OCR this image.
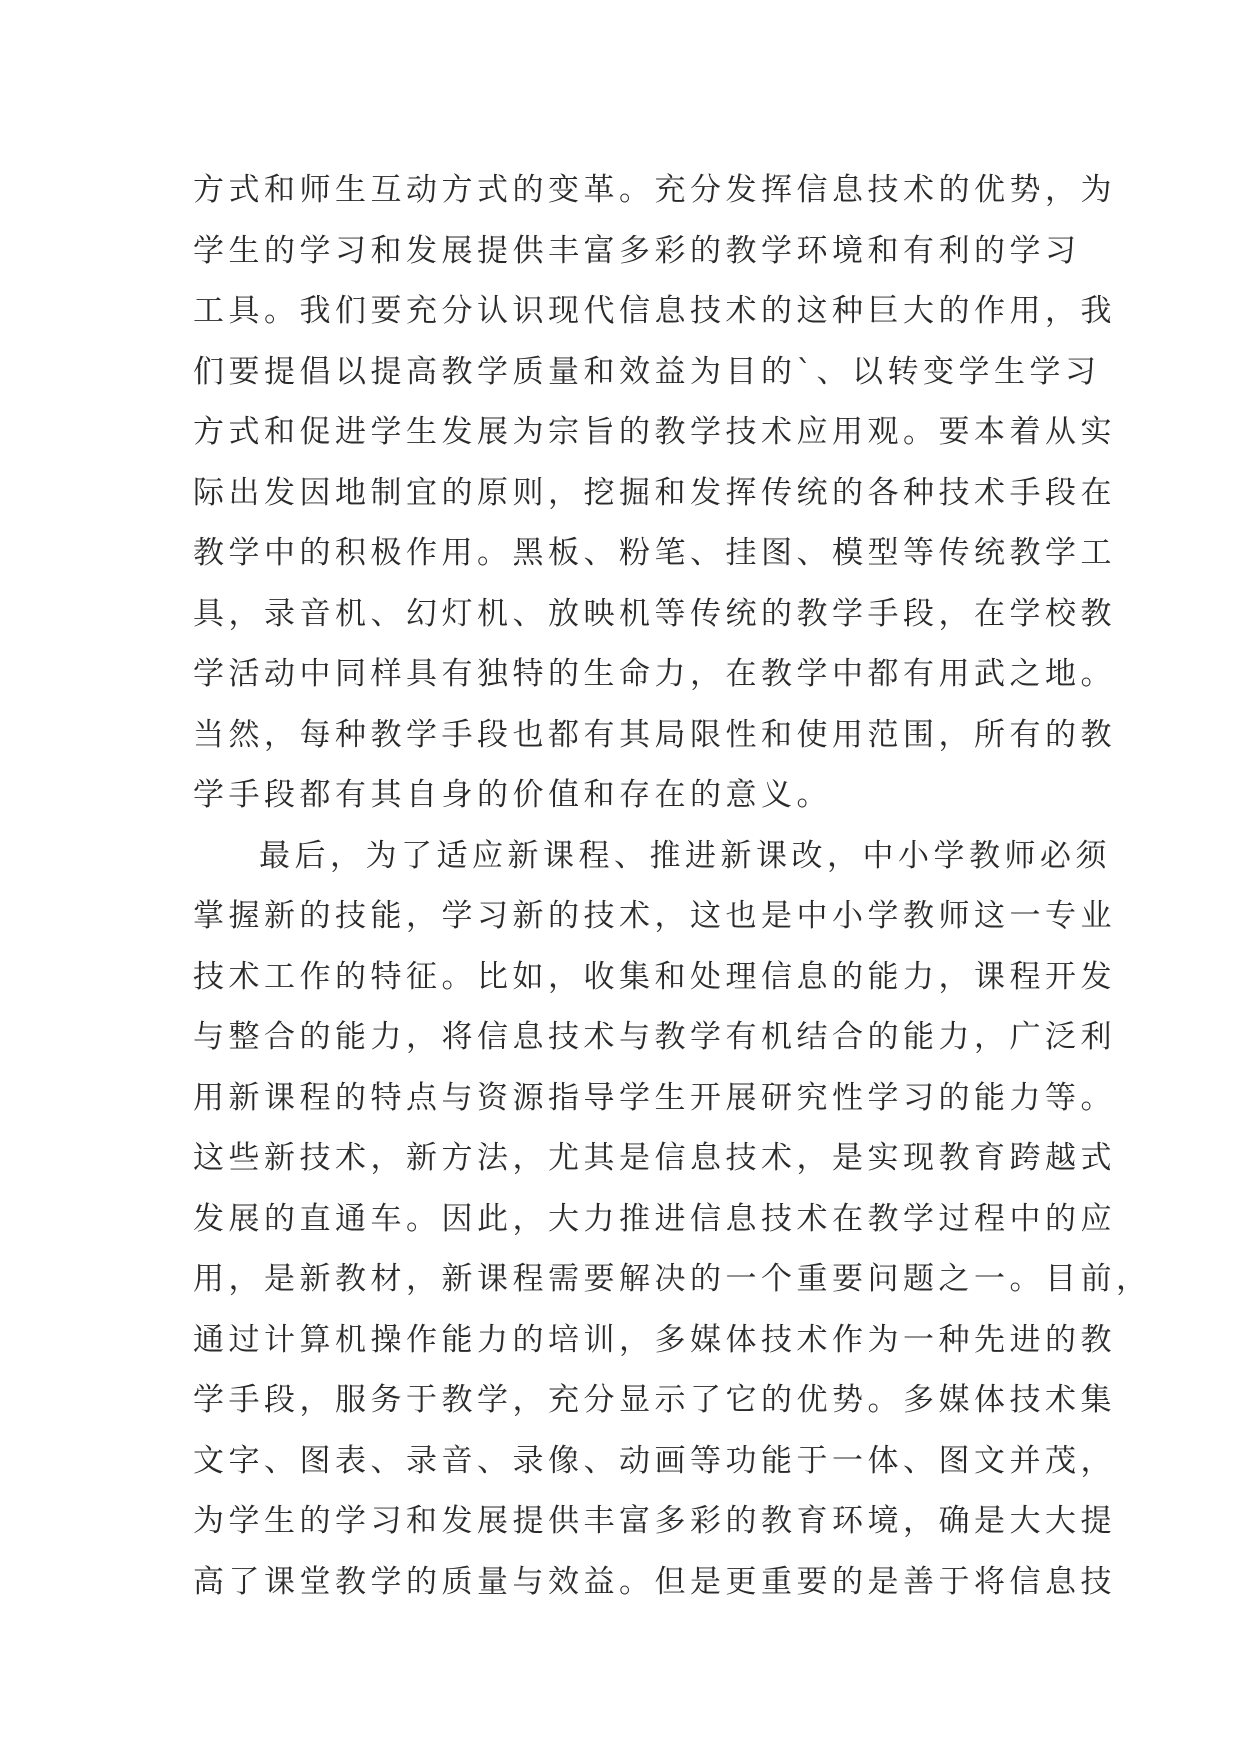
方式和师生互动方式的变革。充分发挥信息技术的优势，为
学生的学习和发展提供丰富多彩的教学环境和有利的学习
工具。我们要充分认识现代信息技术的这种巨大的作用，我
们要提倡以提高教学质量和效益为目的`、以转变学生学习
方式和促进学生发展为宗旨的教学技术应用观。要本着从实
际出发因地制宜的原则，挖掘和发挥传统的各种技术手段在
教学中的积极作用。黑板、粉笔、挂图、模型等传统教学工
具，录音机、幻灯机、放映机等传统的教学手段，在学校教
学活动中同样具有独特的生命力，在教学中都有用武之地。
当然，每种教学手段也都有其局限性和使用范围，所有的教
学手段都有其自身的价值和存在的意义。
最后，为了适应新课程、推进新课改，中小学教师必须
掌握新的技能，学习新的技术，这也是中小学教师这一专业
技术工作的特征。比如，收集和处理信息的能力，课程开发
与整合的能力，将信息技术与教学有机结合的能力，广泛利
用新课程的特点与资源指导学生开展研究性学习的能力等。
这些新技术，新方法，尤其是信息技术，是实现教育跨越式
发展的直通车。因此，大力推进信息技术在教学过程中的应
用，是新教材，新课程需要解决的一个重要问题之一。目前，
通过计算机操作能力的培训，多媒体技术作为一种先进的教
学手段，服务于教学，充分显示了它的优势。多媒体技术集
文字、图表、录音、录像、动画等功能于一体、图文并茂，
为学生的学习和发展提供丰富多彩的教育环境，确是大大提
高了课堂教学的质量与效益。但是更重要的是善于将信息技
